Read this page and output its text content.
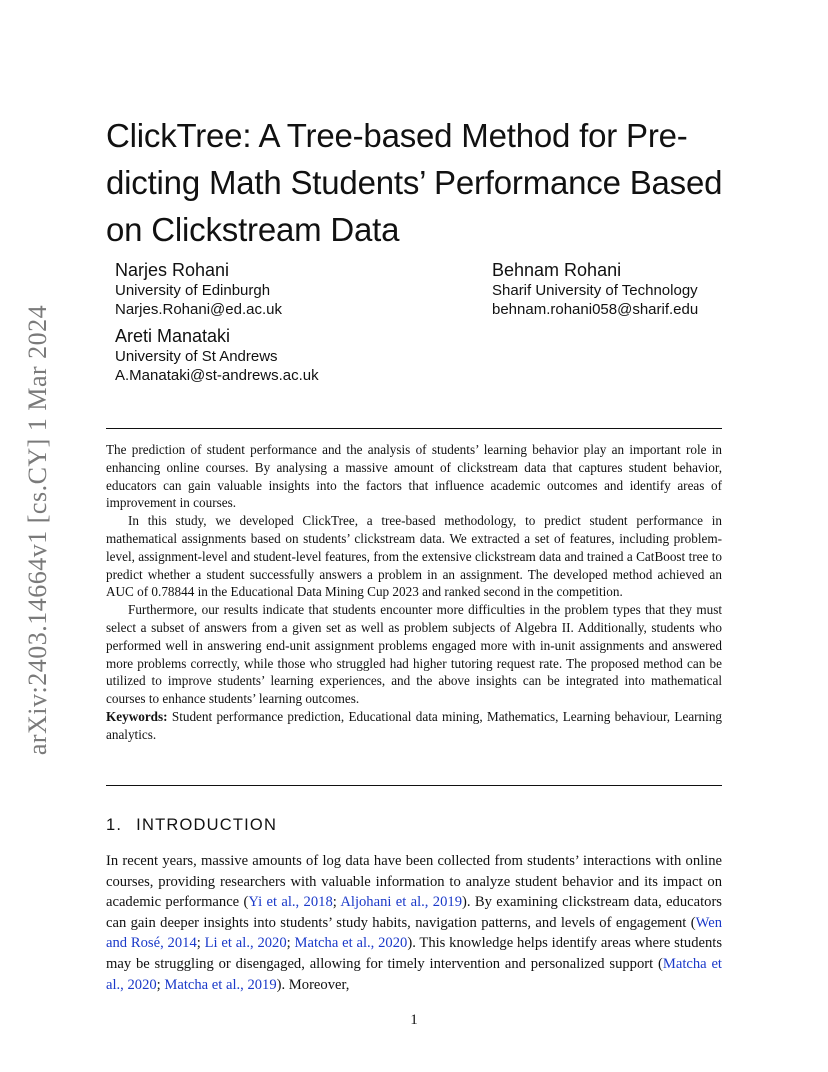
arXiv:2403.14664v1 [cs.CY] 1 Mar 2024
ClickTree: A Tree-based Method for Pre- dicting Math Students’ Performance Based on Clickstream Data
Narjes Rohani
University of Edinburgh
Narjes.Rohani@ed.ac.uk
Behnam Rohani
Sharif University of Technology
behnam.rohani058@sharif.edu
Areti Manataki
University of St Andrews
A.Manataki@st-andrews.ac.uk

The prediction of student performance and the analysis of students’ learning behavior play an important role in enhancing online courses. By analysing a massive amount of clickstream data that captures student behavior, educators can gain valuable insights into the factors that influence academic outcomes and identify areas of improvement in courses.

In this study, we developed ClickTree, a tree-based methodology, to predict student performance in mathematical assignments based on students’ clickstream data. We extracted a set of features, including problem-level, assignment-level and student-level features, from the extensive clickstream data and trained a CatBoost tree to predict whether a student successfully answers a problem in an assignment. The developed method achieved an AUC of 0.78844 in the Educational Data Mining Cup 2023 and ranked second in the competition.

Furthermore, our results indicate that students encounter more difficulties in the problem types that they must select a subset of answers from a given set as well as problem subjects of Algebra II. Additionally, students who performed well in answering end-unit assignment problems engaged more with in-unit assignments and answered more problems correctly, while those who struggled had higher tutoring request rate. The proposed method can be utilized to improve students’ learning experiences, and the above insights can be integrated into mathematical courses to enhance students’ learning outcomes.

Keywords: Student performance prediction, Educational data mining, Mathematics, Learning behaviour, Learning analytics.

1. INTRODUCTION

In recent years, massive amounts of log data have been collected from students’ interactions with online courses, providing researchers with valuable information to analyze student behavior and its impact on academic performance (Yi et al., 2018; Aljohani et al., 2019). By examining clickstream data, educators can gain deeper insights into students’ study habits, navigation patterns, and levels of engagement (Wen and Rosé, 2014; Li et al., 2020; Matcha et al., 2020). This knowledge helps identify areas where students may be struggling or disengaged, allowing for timely intervention and personalized support (Matcha et al., 2020; Matcha et al., 2019). Moreover,

1
